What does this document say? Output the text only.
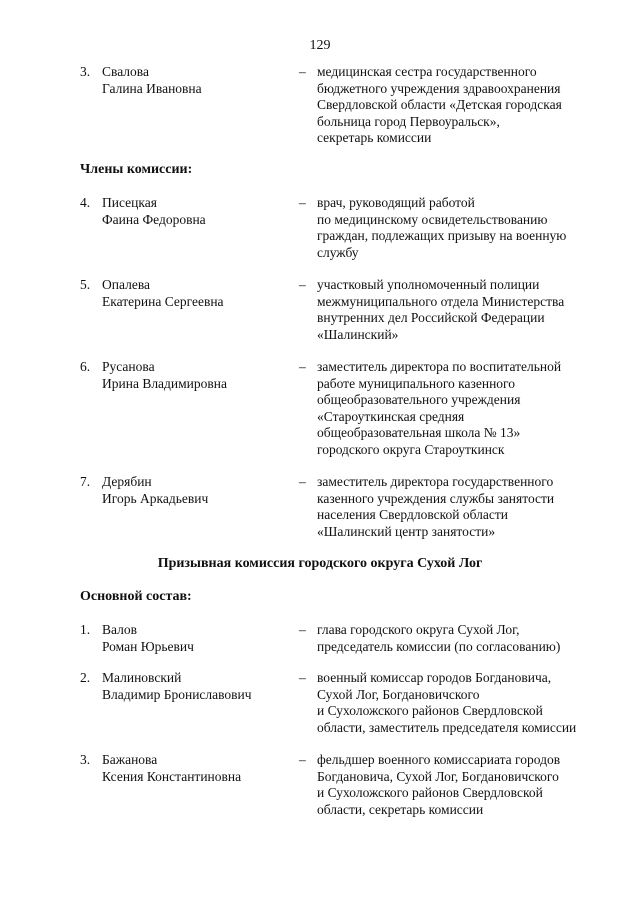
129
3. Свалова
Галина Ивановна
– медицинская сестра государственного
бюджетного учреждения здравоохранения
Свердловской области «Детская городская
больница город Первоуральск»,
секретарь комиссии
Члены комиссии:
4. Писецкая
Фаина Федоровна
– врач, руководящий работой
по медицинскому освидетельствованию
граждан, подлежащих призыву на военную
службу
5. Опалева
Екатерина Сергеевна
– участковый уполномоченный полиции
межмуниципального отдела Министерства
внутренних дел Российской Федерации
«Шалинский»
6. Русанова
Ирина Владимировна
– заместитель директора по воспитательной
работе муниципального казенного
общеобразовательного учреждения
«Староуткинская средняя
общеобразовательная школа № 13»
городского округа Староуткинск
7. Дерябин
Игорь Аркадьевич
– заместитель директора государственного
казенного учреждения службы занятости
населения Свердловской области
«Шалинский центр занятости»
Призывная комиссия городского округа Сухой Лог
Основной состав:
1. Валов
Роман Юрьевич
– глава городского округа Сухой Лог,
председатель комиссии (по согласованию)
2. Малиновский
Владимир Брониславович
– военный комиссар городов Богдановича,
Сухой Лог, Богдановичского
и Сухоложского районов Свердловской
области, заместитель председателя комиссии
3. Бажанова
Ксения Константиновна
– фельдшер военного комиссариата городов
Богдановича, Сухой Лог, Богдановичского
и Сухоложского районов Свердловской
области, секретарь комиссии
